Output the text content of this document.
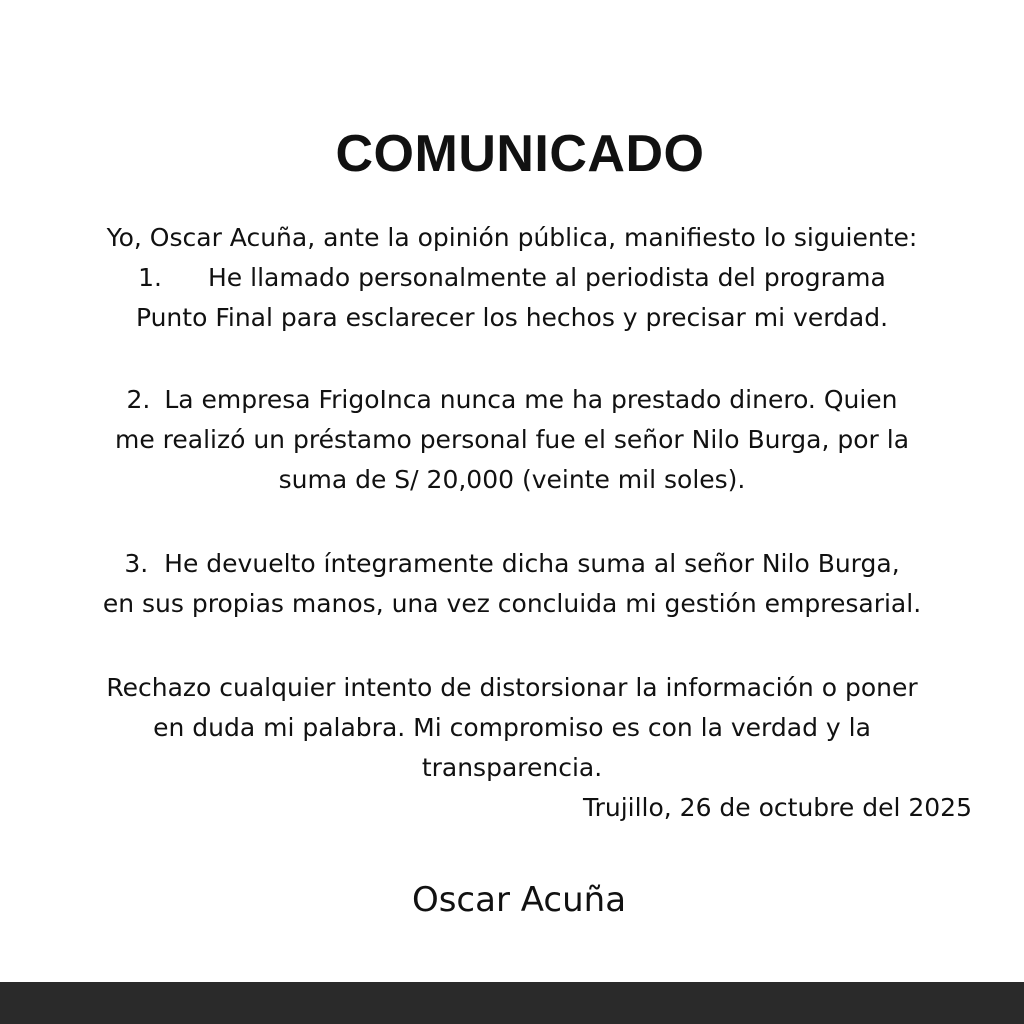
COMUNICADO

Yo, Oscar Acuña, ante la opinión pública, manifiesto lo siguiente:

1. He llamado personalmente al periodista del programa

Punto Final para esclarecer los hechos y precisar mi verdad.

2. La empresa FrigoInca nunca me ha prestado dinero. Quien

me realizó un préstamo personal fue el señor Nilo Burga, por la

suma de S/ 20,000 (veinte mil soles).

3. He devuelto íntegramente dicha suma al señor Nilo Burga,

en sus propias manos, una vez concluida mi gestión empresarial.

Rechazo cualquier intento de distorsionar la información o poner

en duda mi palabra. Mi compromiso es con la verdad y la

transparencia.

Trujillo, 26 de octubre del 2025
Oscar Acuña
